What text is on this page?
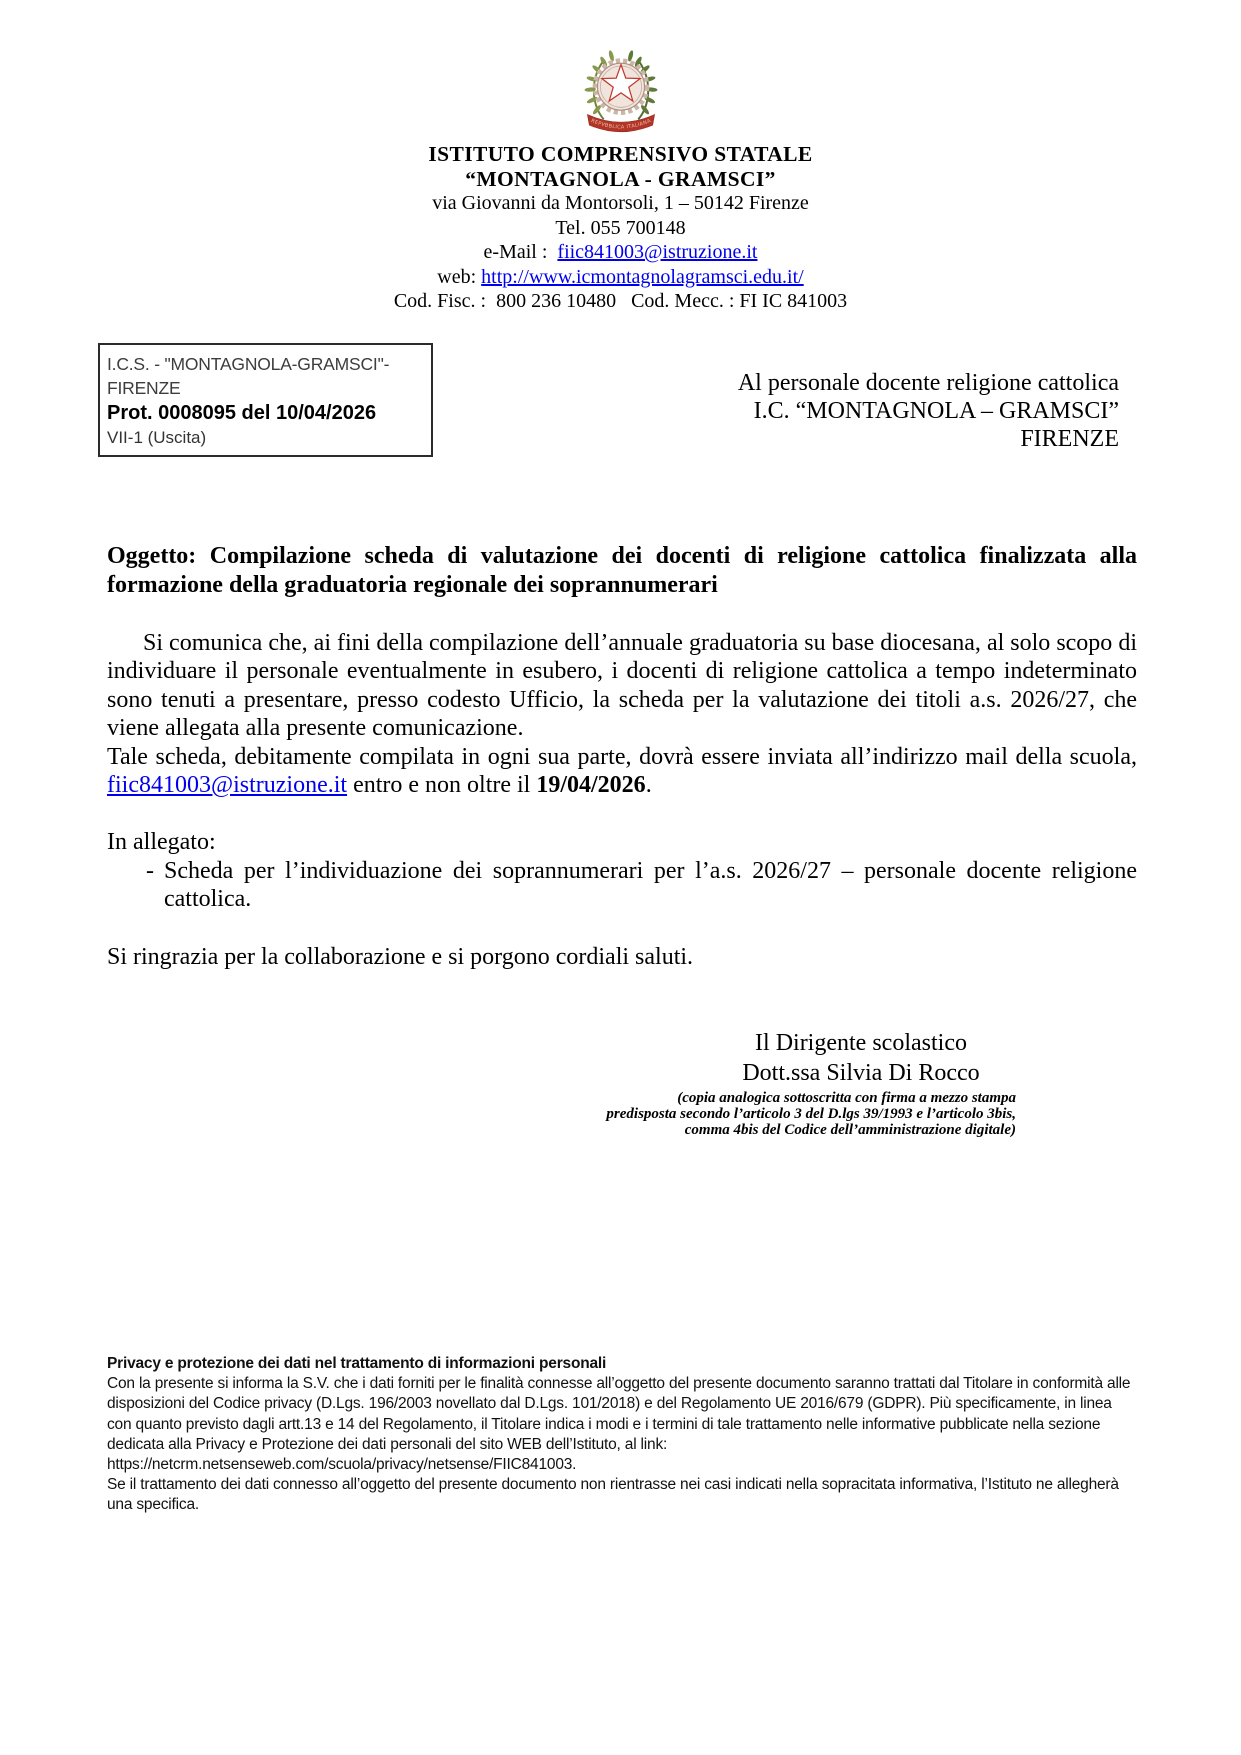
REPVBBLICA ITALIANA
ISTITUTO COMPRENSIVO STATALE
“MONTAGNOLA - GRAMSCI”
via Giovanni da Montorsoli, 1 – 50142 Firenze
Tel. 055 700148
e-Mail :  fiic841003@istruzione.it
web: http://www.icmontagnolagramsci.edu.it/
Cod. Fisc. :  800 236 10480   Cod. Mecc. : FI IC 841003
I.C.S. - "MONTAGNOLA-GRAMSCI"-FIRENZE
Prot. 0008095 del 10/04/2026
VII-1 (Uscita)
Al personale docente religione cattolica
I.C. “MONTAGNOLA – GRAMSCI”
FIRENZE
Oggetto: Compilazione scheda di valutazione dei docenti di religione cattolica finalizzata alla formazione della graduatoria regionale dei soprannumerari

Si comunica che, ai fini della compilazione dell’annuale graduatoria su base diocesana, al solo scopo di individuare il personale eventualmente in esubero, i docenti di religione cattolica a tempo indeterminato sono tenuti a presentare, presso codesto Ufficio, la scheda per la valutazione dei titoli a.s. 2026/27, che viene allegata alla presente comunicazione.

Tale scheda, debitamente compilata in ogni sua parte, dovrà essere inviata all’indirizzo mail della scuola, fiic841003@istruzione.it entro e non oltre il 19/04/2026.

In allegato:

- Scheda per l’individuazione dei soprannumerari per l’a.s. 2026/27 – personale docente religione cattolica.

Si ringrazia per la collaborazione e si porgono cordiali saluti.

Il Dirigente scolastico
Dott.ssa Silvia Di Rocco
(copia analogica sottoscritta con firma a mezzo stampa
predisposta secondo l’articolo 3 del D.lgs 39/1993 e l’articolo 3bis,
comma 4bis del Codice dell’amministrazione digitale)
Privacy e protezione dei dati nel trattamento di informazioni personali
Con la presente si informa la S.V. che i dati forniti per le finalità connesse all’oggetto del presente documento saranno trattati dal Titolare in conformità alle disposizioni del Codice privacy (D.Lgs. 196/2003 novellato dal D.Lgs. 101/2018) e del Regolamento UE 2016/679 (GDPR). Più specificamente, in linea con quanto previsto dagli artt.13 e 14 del Regolamento, il Titolare indica i modi e i termini di tale trattamento nelle informative pubblicate nella sezione dedicata alla Privacy e Protezione dei dati personali del sito WEB dell’Istituto, al link:
https://netcrm.netsenseweb.com/scuola/privacy/netsense/FIIC841003.
Se il trattamento dei dati connesso all’oggetto del presente documento non rientrasse nei casi indicati nella sopracitata informativa, l’Istituto ne allegherà una specifica.
